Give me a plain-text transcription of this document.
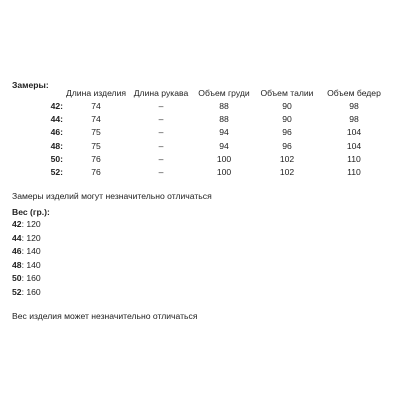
Замеры:
	Длина изделия	Длина рукава	Объем груди	Объем талии	Объем бедер
42:	74	–	88	90	98
44:	74	–	88	90	98
46:	75	–	94	96	104
48:	75	–	94	96	104
50:	76	–	100	102	110
52:	76	–	100	102	110
Замеры изделий могут незначительно отличаться
Вес (гр.):
42: 120
44: 120
46: 140
48: 140
50: 160
52: 160
Вес изделия может незначительно отличаться
